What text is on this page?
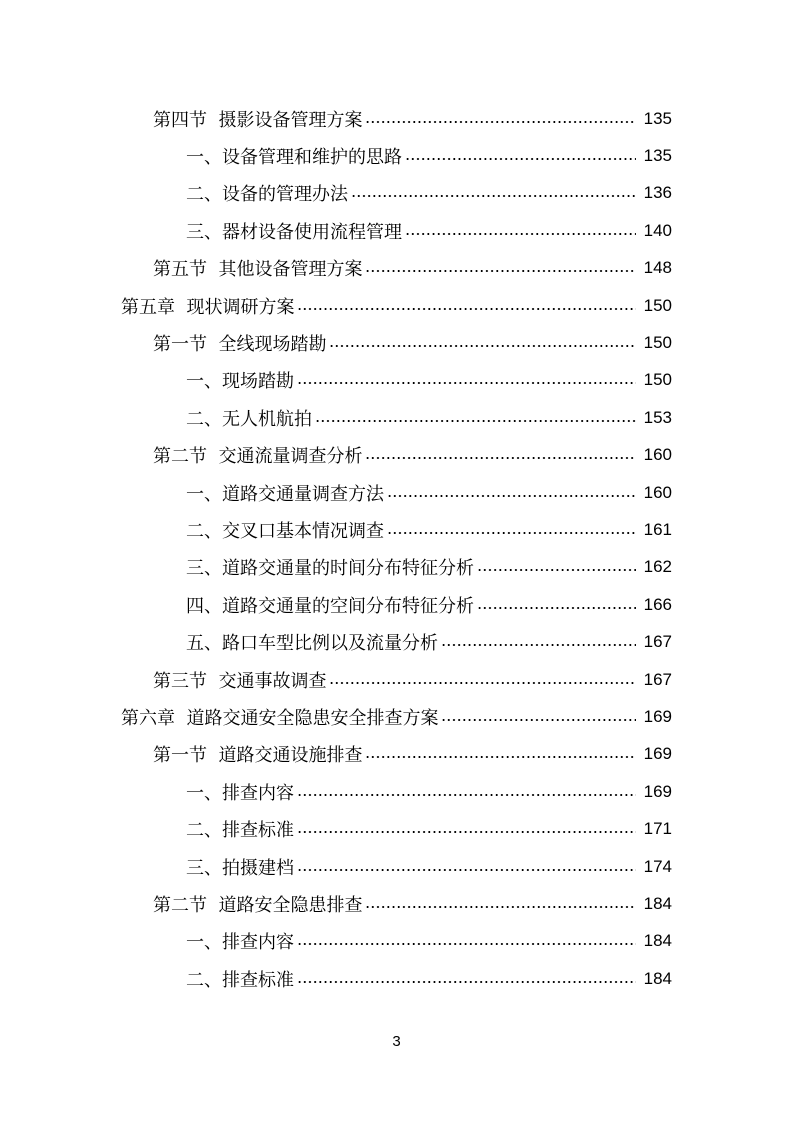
第四节  摄影设备管理方案	135
一、设备管理和维护的思路	135
二、设备的管理办法	136
三、器材设备使用流程管理	140
第五节  其他设备管理方案	148
第五章  现状调研方案	150
第一节  全线现场踏勘	150
一、现场踏勘	150
二、无人机航拍	153
第二节  交通流量调查分析	160
一、道路交通量调查方法	160
二、交叉口基本情况调查	161
三、道路交通量的时间分布特征分析	162
四、道路交通量的空间分布特征分析	166
五、路口车型比例以及流量分析	167
第三节  交通事故调查	167
第六章  道路交通安全隐患安全排查方案	169
第一节  道路交通设施排查	169
一、排查内容	169
二、排查标准	171
三、拍摄建档	174
第二节  道路安全隐患排查	184
一、排查内容	184
二、排查标准	184
3
